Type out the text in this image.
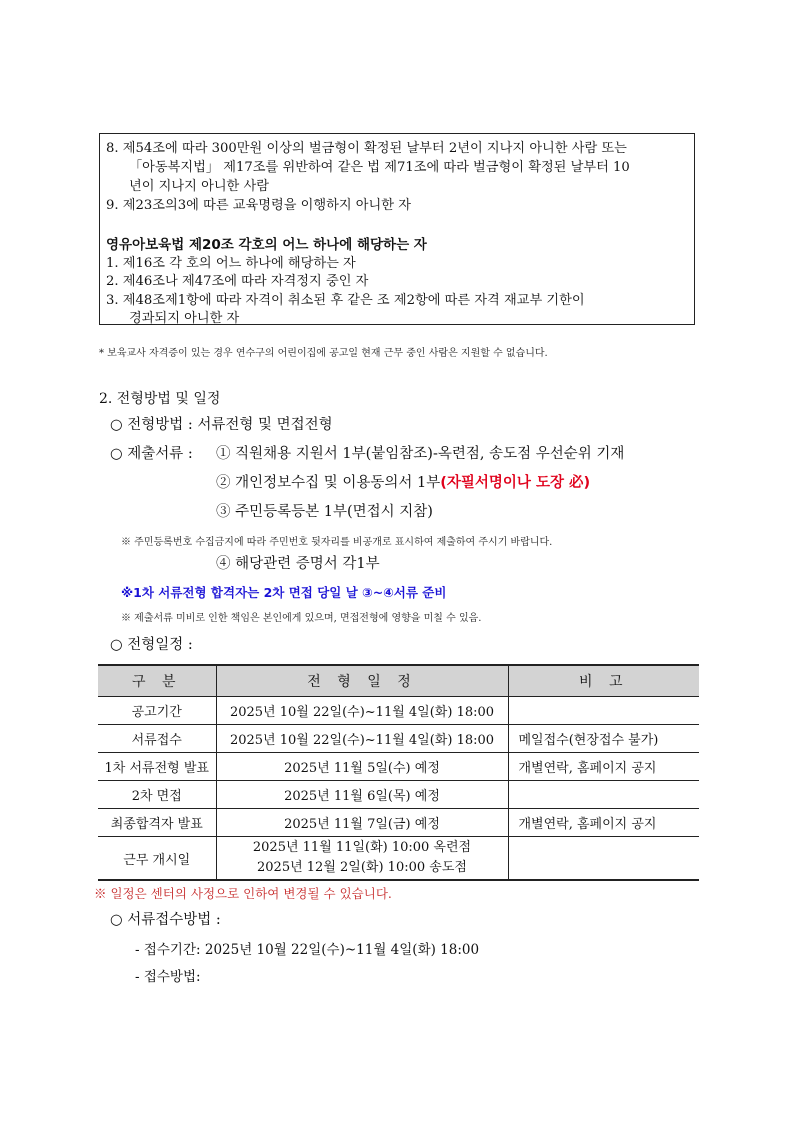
8. 제54조에 따라 300만원 이상의 벌금형이 확정된 날부터 2년이 지나지 아니한 사람 또는
「아동복지법」 제17조를 위반하여 같은 법 제71조에 따라 벌금형이 확정된 날부터 10
년이 지나지 아니한 사람
9. 제23조의3에 따른 교육명령을 이행하지 아니한 자
영유아보육법 제20조 각호의 어느 하나에 해당하는 자
1. 제16조 각 호의 어느 하나에 해당하는 자
2. 제46조나 제47조에 따라 자격정지 중인 자
3. 제48조제1항에 따라 자격이 취소된 후 같은 조 제2항에 따른 자격 재교부 기한이
경과되지 아니한 자
* 보육교사 자격증이 있는 경우 연수구의 어린이집에 공고일 현재 근무 중인 사람은 지원할 수 없습니다.
2. 전형방법 및 일정
○ 전형방법 : 서류전형 및 면접전형
○ 제출서류 : ① 직원채용 지원서 1부(붙임참조)-옥련점, 송도점 우선순위 기재
② 개인정보수집 및 이용동의서 1부(자필서명이나 도장 必)
③ 주민등록등본 1부(면접시 지참)
※ 주민등록번호 수집금지에 따라 주민번호 뒷자리를 비공개로 표시하여 제출하여 주시기 바랍니다.
④ 해당관련 증명서 각1부
※1차 서류전형 합격자는 2차 면접 당일 날 ③~④서류 준비
※ 제출서류 미비로 인한 책임은 본인에게 있으며, 면접전형에 영향을 미칠 수 있음.
○ 전형일정 :
구 분	전 형 일 정	비 고
공고기간	2025년 10월 22일(수)~11월 4일(화) 18:00	
서류접수	2025년 10월 22일(수)~11월 4일(화) 18:00	메일접수(현장접수 불가)
1차 서류전형 발표	2025년 11월 5일(수) 예정	개별연락, 홈페이지 공지
2차 면접	2025년 11월 6일(목) 예정	
최종합격자 발표	2025년 11월 7일(금) 예정	개별연락, 홈페이지 공지
근무 개시일	2025년 11월 11일(화) 10:00 옥련점
2025년 12월 2일(화) 10:00 송도점	

※ 일정은 센터의 사정으로 인하여 변경될 수 있습니다.
○ 서류접수방법 :
- 접수기간: 2025년 10월 22일(수)~11월 4일(화) 18:00
- 접수방법:
